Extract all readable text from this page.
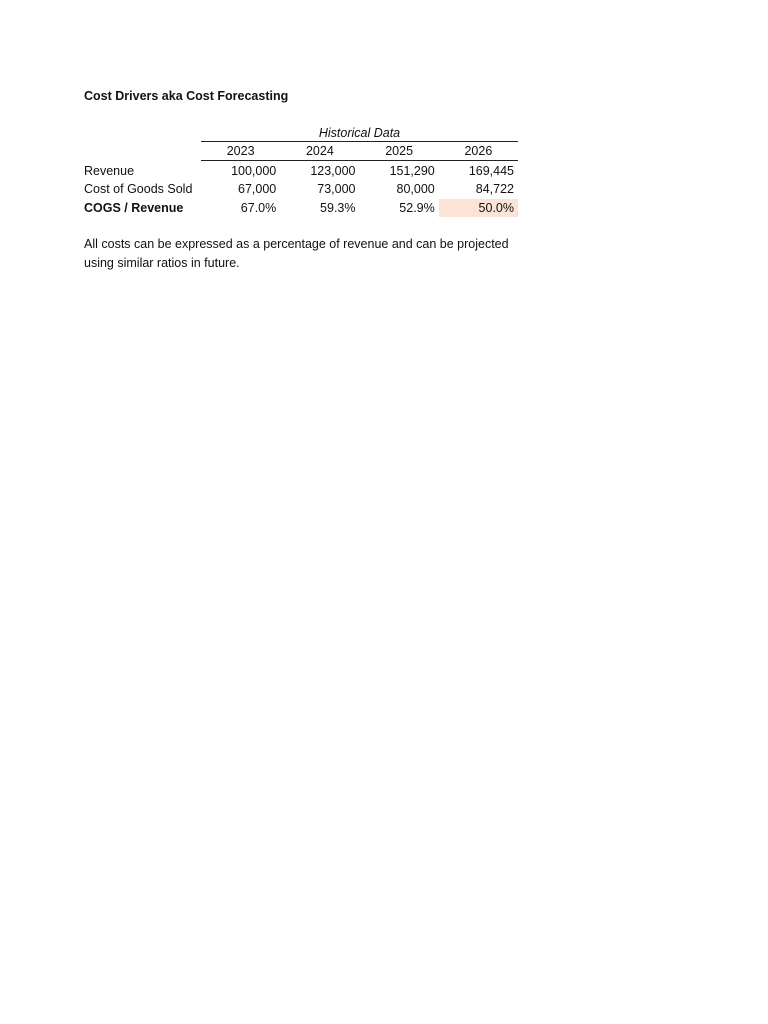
Cost Drivers aka Cost Forecasting
Historical Data
2023	2024	2025	2026
Revenue	100,000	123,000	151,290	169,445
Cost of Goods Sold	67,000	73,000	80,000	84,722
COGS / Revenue	67.0%	59.3%	52.9%	50.0%
All costs can be expressed as a percentage of revenue and can be projected using similar ratios in future.
